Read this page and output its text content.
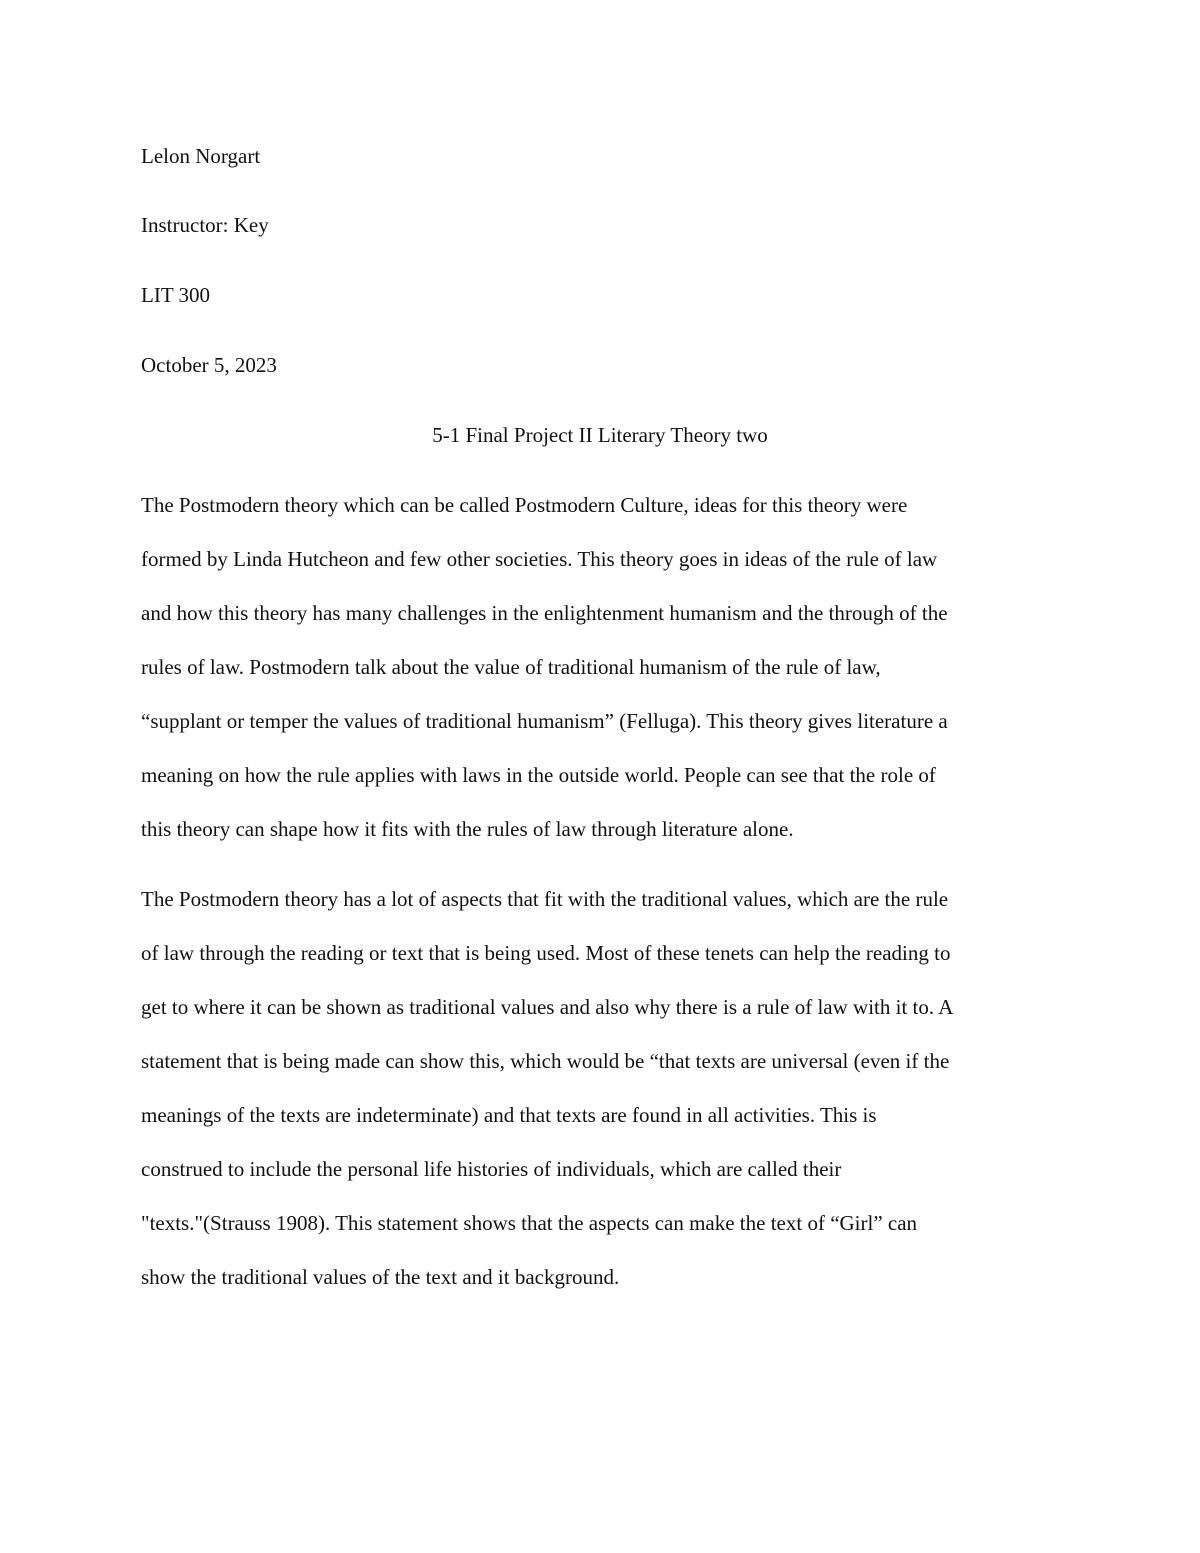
Lelon Norgart
Instructor: Key
LIT 300
October 5, 2023
5-1 Final Project II Literary Theory two
The Postmodern theory which can be called Postmodern Culture, ideas for this theory were
formed by Linda Hutcheon and few other societies. This theory goes in ideas of the rule of law
and how this theory has many challenges in the enlightenment humanism and the through of the
rules of law. Postmodern talk about the value of traditional humanism of the rule of law,
“supplant or temper the values of traditional humanism” (Felluga). This theory gives literature a
meaning on how the rule applies with laws in the outside world. People can see that the role of
this theory can shape how it fits with the rules of law through literature alone.
The Postmodern theory has a lot of aspects that fit with the traditional values, which are the rule
of law through the reading or text that is being used. Most of these tenets can help the reading to
get to where it can be shown as traditional values and also why there is a rule of law with it to. A
statement that is being made can show this, which would be “that texts are universal (even if the
meanings of the texts are indeterminate) and that texts are found in all activities. This is
construed to include the personal life histories of individuals, which are called their
"texts."(Strauss 1908). This statement shows that the aspects can make the text of “Girl” can
show the traditional values of the text and it background.
